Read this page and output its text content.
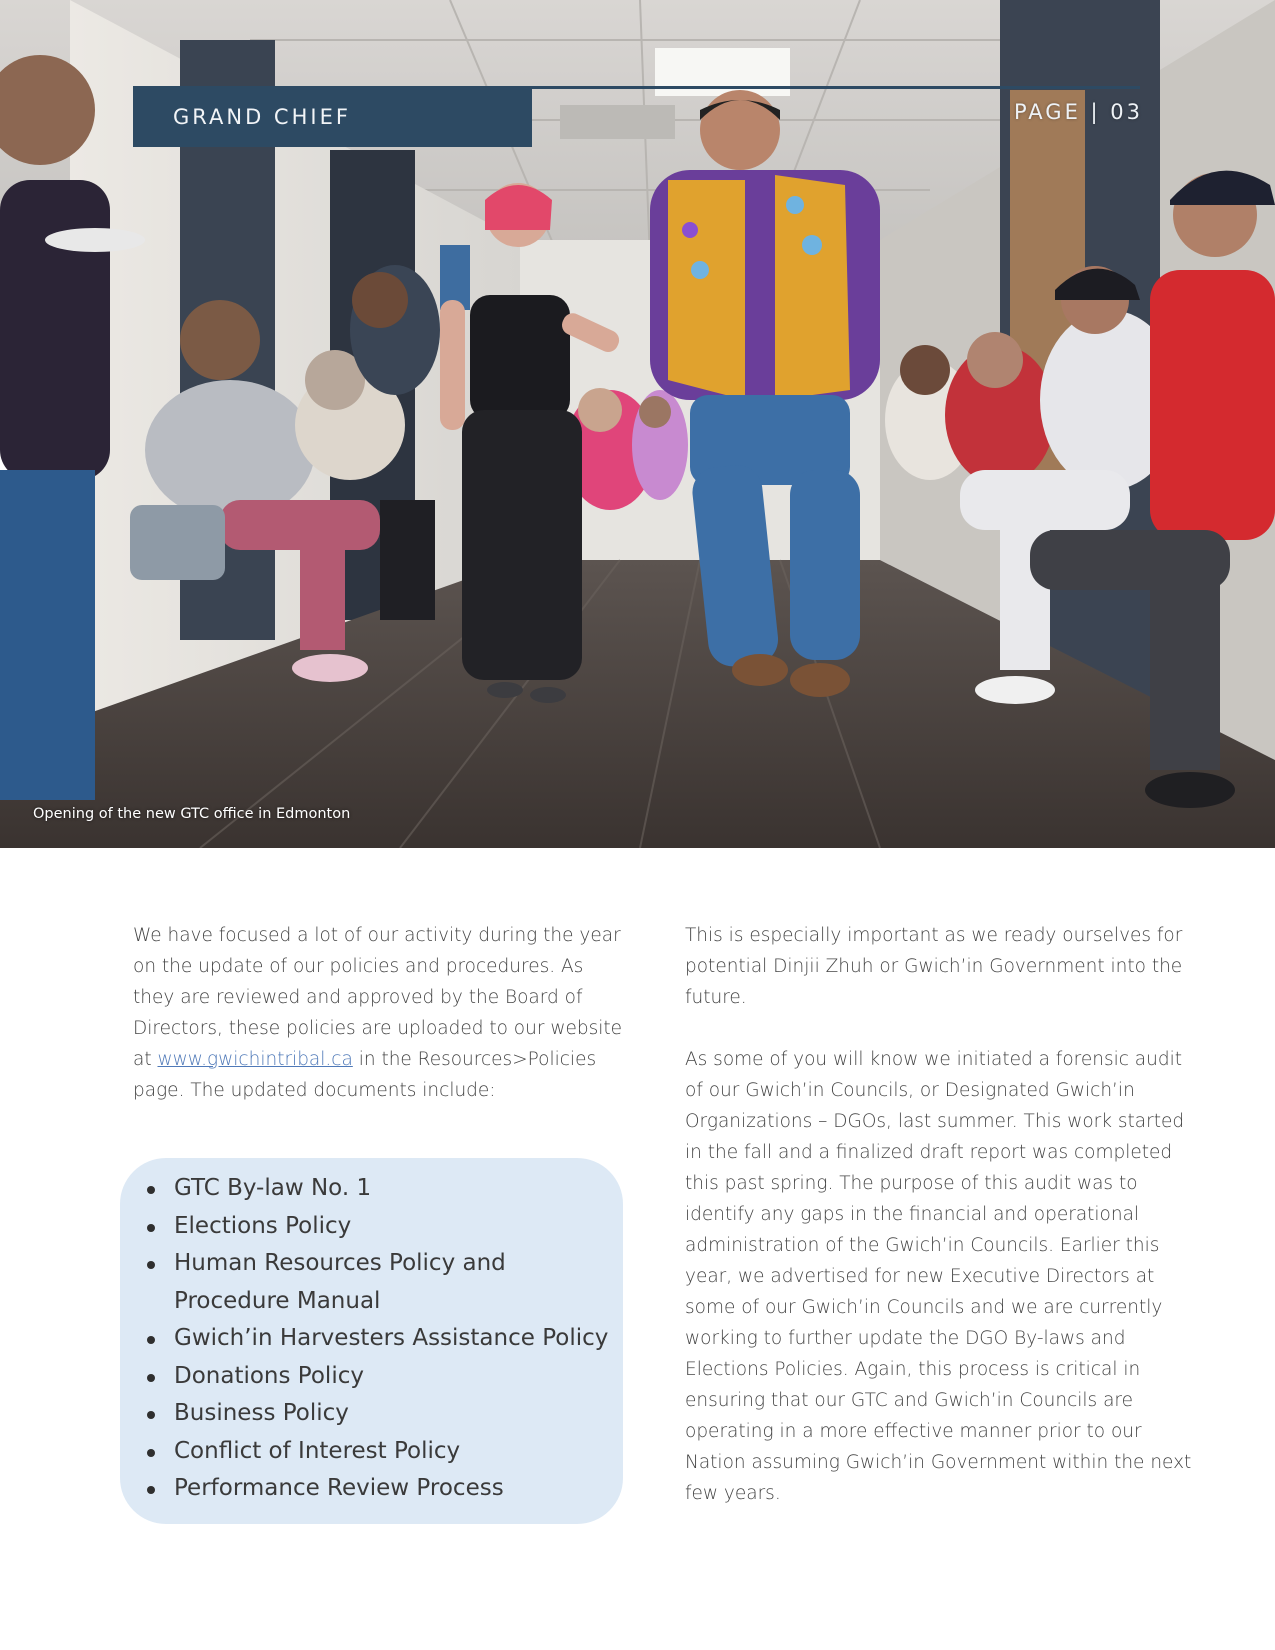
GRAND CHIEF	PAGE | 03
Opening of the new GTC office in Edmonton

We have focused a lot of our activity during the year on the update of our policies and procedures. As they are reviewed and approved by the Board of Directors, these policies are uploaded to our website at www.gwichintribal.ca in the Resources>Policies page. The updated documents include:

GTC By-law No. 1
Elections Policy
Human Resources Policy and Procedure Manual
Gwich’in Harvesters Assistance Policy
Donations Policy
Business Policy
Conflict of Interest Policy
Performance Review Process

This is especially important as we ready ourselves for potential Dinjii Zhuh or Gwich’in Government into the future.

As some of you will know we initiated a forensic audit of our Gwich’in Councils, or Designated Gwich’in Organizations – DGOs, last summer. This work started in the fall and a finalized draft report was completed this past spring. The purpose of this audit was to identify any gaps in the financial and operational administration of the Gwich’in Councils. Earlier this year, we advertised for new Executive Directors at some of our Gwich’in Councils and we are currently working to further update the DGO By-laws and Elections Policies. Again, this process is critical in ensuring that our GTC and Gwich’in Councils are operating in a more effective manner prior to our Nation assuming Gwich’in Government within the next few years.
